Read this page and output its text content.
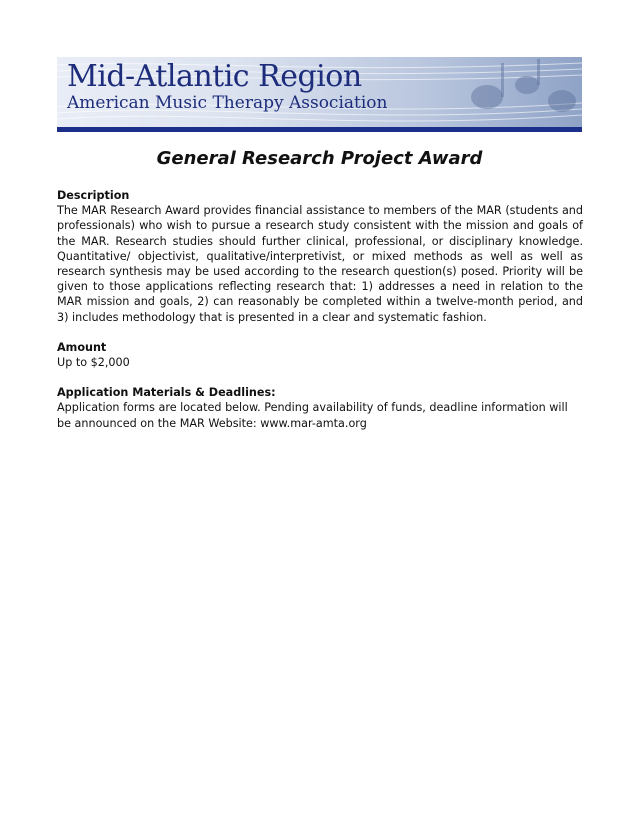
Mid-Atlantic Region
American Music Therapy Association
General Research Project Award
Description
The MAR Research Award provides financial assistance to members of the MAR (students and professionals) who wish to pursue a research study consistent with the mission and goals of the MAR. Research studies should further clinical, professional, or disciplinary knowledge. Quantitative/ objectivist, qualitative/interpretivist, or mixed methods as well as well as research synthesis may be used according to the research question(s) posed. Priority will be given to those applications reflecting research that: 1) addresses a need in relation to the MAR mission and goals, 2) can reasonably be completed within a twelve-month period, and 3) includes methodology that is presented in a clear and systematic fashion.
Amount
Up to $2,000
Application Materials & Deadlines:
Application forms are located below. Pending availability of funds, deadline information will be announced on the MAR Website: www.mar-amta.org
